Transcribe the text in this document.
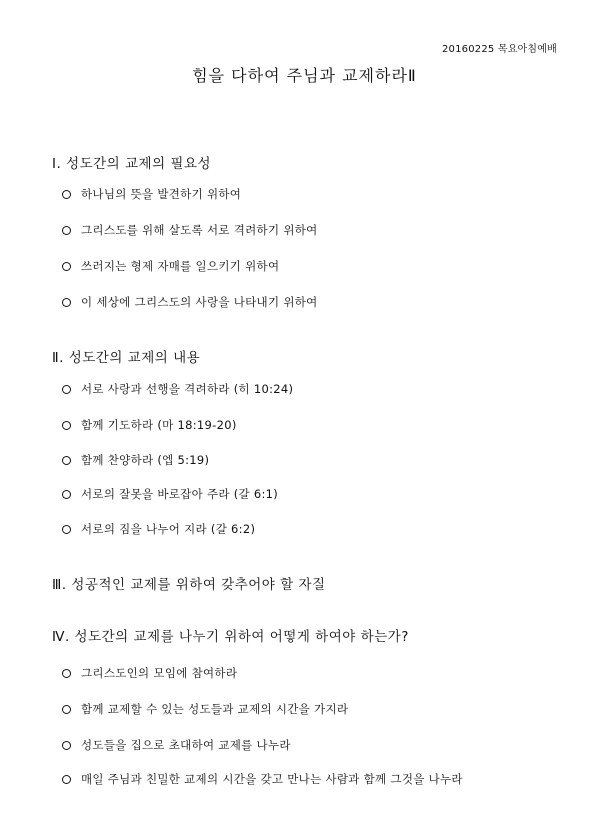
20160225 목요아침예배
힘을 다하여 주님과 교제하라Ⅱ
Ⅰ. 성도간의 교제의 필요성
하나님의 뜻을 발견하기 위하여
그리스도를 위해 살도록 서로 격려하기 위하여
쓰러지는 형제 자매를 일으키기 위하여
이 세상에 그리스도의 사랑을 나타내기 위하여
Ⅱ. 성도간의 교제의 내용
서로 사랑과 선행을 격려하라 (히 10:24)
함께 기도하라 (마 18:19-20)
함께 찬양하라 (엡 5:19)
서로의 잘못을 바로잡아 주라 (갈 6:1)
서로의 짐을 나누어 지라 (갈 6:2)
Ⅲ. 성공적인 교제를 위하여 갖추어야 할 자질
Ⅳ. 성도간의 교제를 나누기 위하여 어떻게 하여야 하는가?
그리스도인의 모임에 참여하라
함께 교제할 수 있는 성도들과 교제의 시간을 가지라
성도들을 집으로 초대하여 교제를 나누라
매일 주님과 친밀한 교제의 시간을 갖고 만나는 사람과 함께 그것을 나누라
